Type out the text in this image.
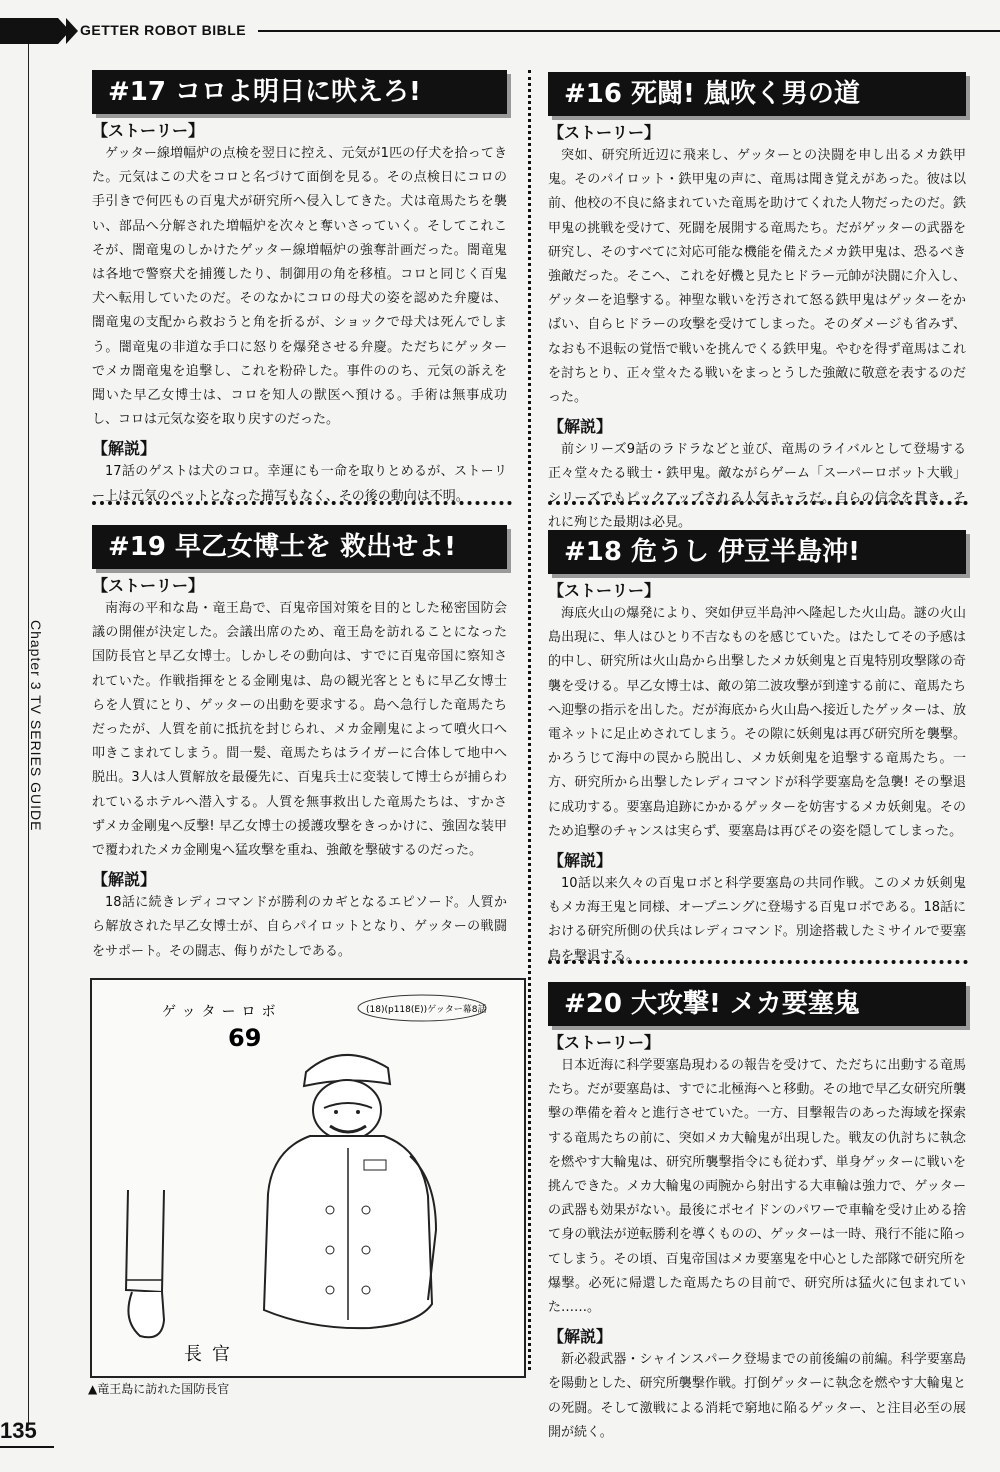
GETTER ROBOT BIBLE
Chapter 3 TV SERIES GUIDE
#17 コロよ明日に吠えろ!
【ストーリー】

ゲッター線増幅炉の点検を翌日に控え、元気が1匹の仔犬を拾ってきた。元気はこの犬をコロと名づけて面倒を見る。その点検日にコロの手引きで何匹もの百鬼犬が研究所へ侵入してきた。犬は竜馬たちを襲い、部品へ分解された増幅炉を次々と奪いさっていく。そしてこれこそが、闇竜鬼のしかけたゲッター線増幅炉の強奪計画だった。闇竜鬼は各地で警察犬を捕獲したり、制御用の角を移植。コロと同じく百鬼犬へ転用していたのだ。そのなかにコロの母犬の姿を認めた弁慶は、闇竜鬼の支配から救おうと角を折るが、ショックで母犬は死んでしまう。闇竜鬼の非道な手口に怒りを爆発させる弁慶。ただちにゲッターでメカ闇竜鬼を追撃し、これを粉砕した。事件ののち、元気の訴えを聞いた早乙女博士は、コロを知人の獣医へ預ける。手術は無事成功し、コロは元気な姿を取り戻すのだった。

【解説】

17話のゲストは犬のコロ。幸運にも一命を取りとめるが、ストーリー上は元気のペットとなった描写もなく、その後の動向は不明。

#16 死闘! 嵐吹く男の道
【ストーリー】

突如、研究所近辺に飛来し、ゲッターとの決闘を申し出るメカ鉄甲鬼。そのパイロット・鉄甲鬼の声に、竜馬は聞き覚えがあった。彼は以前、他校の不良に絡まれていた竜馬を助けてくれた人物だったのだ。鉄甲鬼の挑戦を受けて、死闘を展開する竜馬たち。だがゲッターの武器を研究し、そのすべてに対応可能な機能を備えたメカ鉄甲鬼は、恐るべき強敵だった。そこへ、これを好機と見たヒドラー元帥が決闘に介入し、ゲッターを追撃する。神聖な戦いを汚されて怒る鉄甲鬼はゲッターをかばい、自らヒドラーの攻撃を受けてしまった。そのダメージも省みず、なおも不退転の覚悟で戦いを挑んでくる鉄甲鬼。やむを得ず竜馬はこれを討ちとり、正々堂々たる戦いをまっとうした強敵に敬意を表するのだった。

【解説】

前シリーズ9話のラドラなどと並び、竜馬のライバルとして登場する正々堂々たる戦士・鉄甲鬼。敵ながらゲーム「スーパーロボット大戦」シリーズでもピックアップされる人気キャラだ。自らの信念を貫き、それに殉じた最期は必見。

#19 早乙女博士を 救出せよ!
【ストーリー】

南海の平和な島・竜王島で、百鬼帝国対策を目的とした秘密国防会議の開催が決定した。会議出席のため、竜王島を訪れることになった国防長官と早乙女博士。しかしその動向は、すでに百鬼帝国に察知されていた。作戦指揮をとる金剛鬼は、島の観光客とともに早乙女博士らを人質にとり、ゲッターの出動を要求する。島へ急行した竜馬たちだったが、人質を前に抵抗を封じられ、メカ金剛鬼によって噴火口へ叩きこまれてしまう。間一髪、竜馬たちはライガーに合体して地中へ脱出。3人は人質解放を最優先に、百鬼兵士に変装して博士らが捕らわれているホテルへ潜入する。人質を無事救出した竜馬たちは、すかさずメカ金剛鬼へ反撃! 早乙女博士の援護攻撃をきっかけに、強固な装甲で覆われたメカ金剛鬼へ猛攻撃を重ね、強敵を撃破するのだった。

【解説】

18話に続きレディコマンドが勝利のカギとなるエピソード。人質から解放された早乙女博士が、自らパイロットとなり、ゲッターの戦闘をサポート。その闘志、侮りがたしである。

#18 危うし 伊豆半島沖!
【ストーリー】

海底火山の爆発により、突如伊豆半島沖へ隆起した火山島。謎の火山島出現に、隼人はひとり不吉なものを感じていた。はたしてその予感は的中し、研究所は火山島から出撃したメカ妖剣鬼と百鬼特別攻撃隊の奇襲を受ける。早乙女博士は、敵の第二波攻撃が到達する前に、竜馬たちへ迎撃の指示を出した。だが海底から火山島へ接近したゲッターは、放電ネットに足止めされてしまう。その隙に妖剣鬼は再び研究所を襲撃。かろうじて海中の罠から脱出し、メカ妖剣鬼を追撃する竜馬たち。一方、研究所から出撃したレディコマンドが科学要塞島を急襲! その撃退に成功する。要塞島追跡にかかるゲッターを妨害するメカ妖剣鬼。そのため追撃のチャンスは実らず、要塞島は再びその姿を隠してしまった。

【解説】

10話以来久々の百鬼ロボと科学要塞島の共同作戦。このメカ妖剣鬼もメカ海王鬼と同様、オープニングに登場する百鬼ロボである。18話における研究所側の伏兵はレディコマンド。別途搭載したミサイルで要塞島を撃退する。

#20 大攻撃! メカ要塞鬼
【ストーリー】

日本近海に科学要塞島現わるの報告を受けて、ただちに出動する竜馬たち。だが要塞島は、すでに北極海へと移動。その地で早乙女研究所襲撃の準備を着々と進行させていた。一方、目撃報告のあった海域を探索する竜馬たちの前に、突如メカ大輪鬼が出現した。戦友の仇討ちに執念を燃やす大輪鬼は、研究所襲撃指令にも従わず、単身ゲッターに戦いを挑んできた。メカ大輪鬼の両腕から射出する大車輪は強力で、ゲッターの武器も効果がない。最後にポセイドンのパワーで車輪を受け止める捨て身の戦法が逆転勝利を導くものの、ゲッターは一時、飛行不能に陥ってしまう。その頃、百鬼帝国はメカ要塞鬼を中心とした部隊で研究所を爆撃。必死に帰還した竜馬たちの目前で、研究所は猛火に包まれていた……。

【解説】

新必殺武器・シャインスパーク登場までの前後編の前編。科学要塞島を陽動とした、研究所襲撃作戦。打倒ゲッターに執念を燃やす大輪鬼との死闘。そして激戦による消耗で窮地に陥るゲッター、と注目必至の展開が続く。

ゲッターロボ
69
(18)(p118(E))ゲッター幕8話
長官
▲竜王島に訪れた国防長官
135
